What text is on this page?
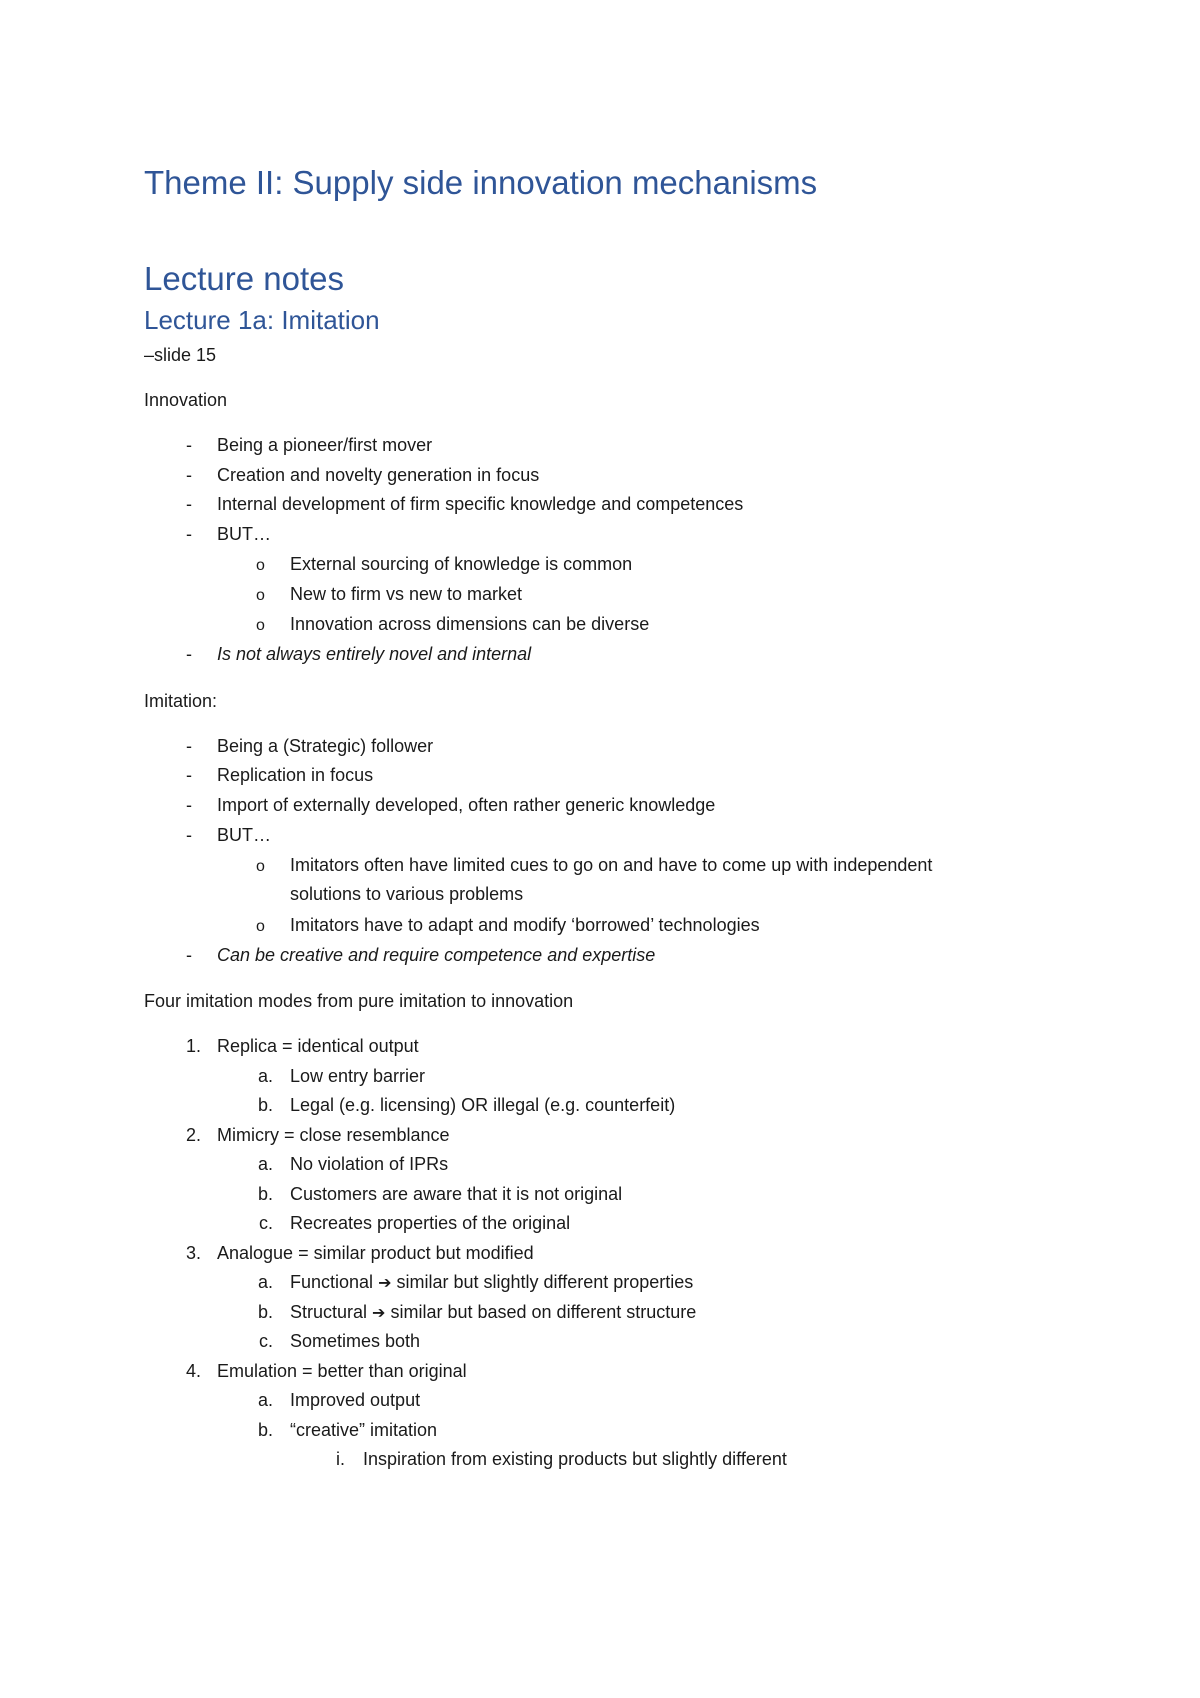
Theme II: Supply side innovation mechanisms
Lecture notes
Lecture 1a: Imitation
–slide 15
Innovation
- Being a pioneer/first mover
- Creation and novelty generation in focus
- Internal development of firm specific knowledge and competences
- BUT…
o External sourcing of knowledge is common
o New to firm vs new to market
o Innovation across dimensions can be diverse
- Is not always entirely novel and internal
Imitation:
- Being a (Strategic) follower
- Replication in focus
- Import of externally developed, often rather generic knowledge
- BUT…
o Imitators often have limited cues to go on and have to come up with independent
solutions to various problems
o Imitators have to adapt and modify ‘borrowed’ technologies
- Can be creative and require competence and expertise
Four imitation modes from pure imitation to innovation
1. Replica = identical output
a. Low entry barrier
b. Legal (e.g. licensing) OR illegal (e.g. counterfeit)
2. Mimicry = close resemblance
a. No violation of IPRs
b. Customers are aware that it is not original
c. Recreates properties of the original
3. Analogue = similar product but modified
a. Functional ➔ similar but slightly different properties
b. Structural ➔ similar but based on different structure
c. Sometimes both
4. Emulation = better than original
a. Improved output
b. “creative” imitation
i. Inspiration from existing products but slightly different
